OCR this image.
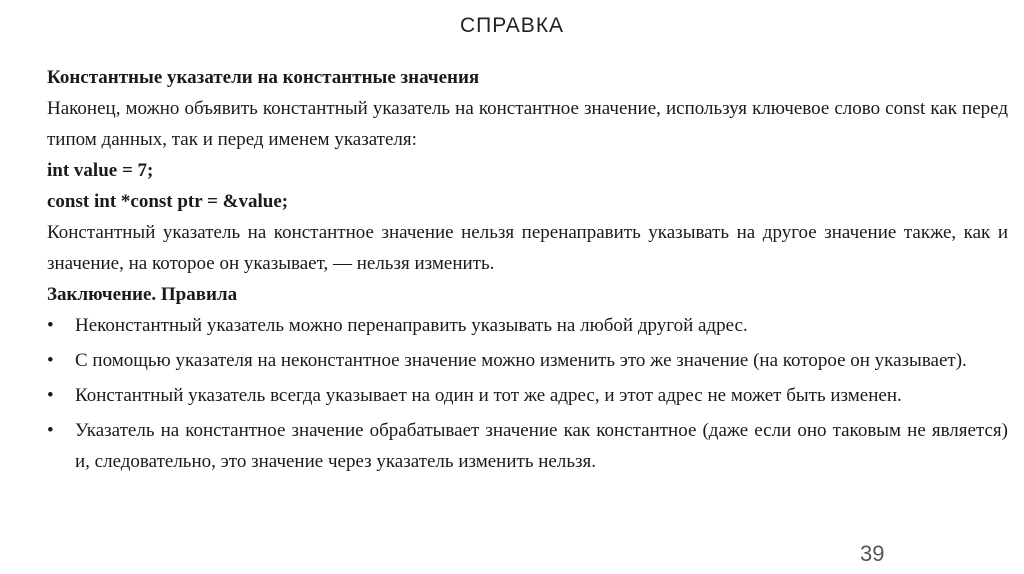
СПРАВКА

Константные указатели на константные значения

Наконец, можно объявить константный указатель на константное значение, используя ключевое слово const как перед типом данных, так и перед именем указателя:

int value = 7;

const int *const ptr = &value;

Константный указатель на константное значение нельзя перенаправить указывать на другое значение также, как и значение, на которое он указывает, — нельзя изменить.

Заключение. Правила

• Неконстантный указатель можно перенаправить указывать на любой другой адрес.
• С помощью указателя на неконстантное значение можно изменить это же значение (на которое он указывает).
• Константный указатель всегда указывает на один и тот же адрес, и этот адрес не может быть изменен.
• Указатель на константное значение обрабатывает значение как константное (даже если оно таковым не является) и, следовательно, это значение через указатель изменить нельзя.
39
